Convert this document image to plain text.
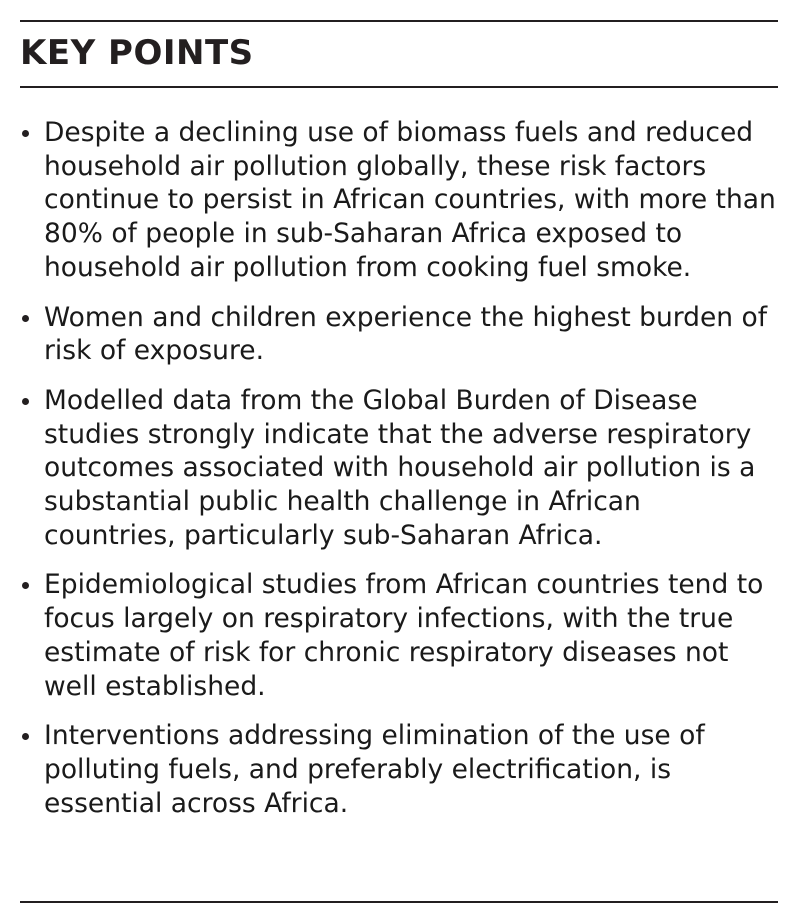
KEY POINTS
Despite a declining use of biomass fuels and reduced household air pollution globally, these risk factors continue to persist in African countries, with more than 80% of people in sub-Saharan Africa exposed to household air pollution from cooking fuel smoke.
Women and children experience the highest burden of risk of exposure.
Modelled data from the Global Burden of Disease studies strongly indicate that the adverse respiratory outcomes associated with household air pollution is a substantial public health challenge in African countries, particularly sub-Saharan Africa.
Epidemiological studies from African countries tend to focus largely on respiratory infections, with the true estimate of risk for chronic respiratory diseases not well established.
Interventions addressing elimination of the use of polluting fuels, and preferably electrification, is essential across Africa.
